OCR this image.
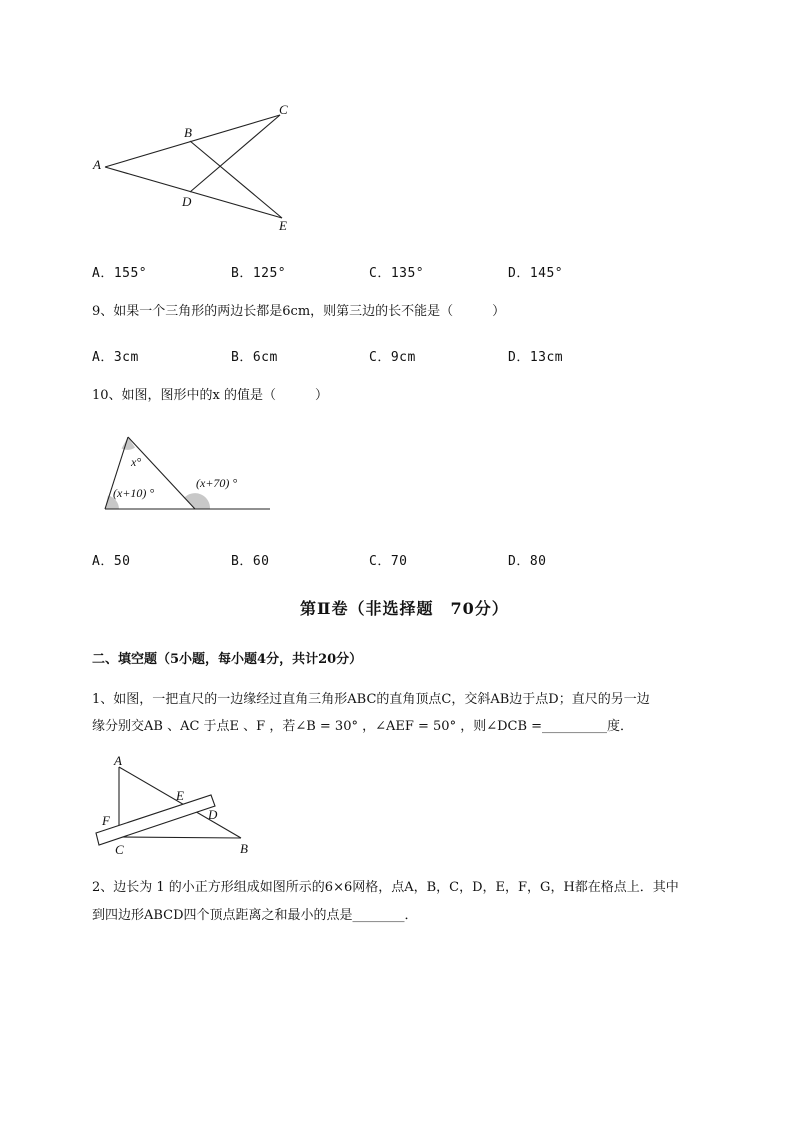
A
B
C
D
E
A．155°	B．125°	C．135°	D．145°
9、如果一个三角形的两边长都是6cm，则第三边的长不能是（　　　）
A．3cm	B．6cm	C．9cm	D．13cm
10、如图，图形中的x 的值是（　　　）
x°
(x+10) °
(x+70) °
A．50	B．60	C．70	D．80
第Ⅱ卷（非选择题　70分）
二、填空题（5小题，每小题4分，共计20分）
1、如图，一把直尺的一边缘经过直角三角形ABC的直角顶点C，交斜AB边于点D；直尺的另一边
缘分别交AB 、AC 于点E 、F ，若∠B = 30° ，∠AEF = 50° ，则∠DCB =__________度．
A
E
D
F
C	B
2、边长为 1 的小正方形组成如图所示的6×6网格，点A，B，C，D，E，F，G，H都在格点上．其中
到四边形ABCD四个顶点距离之和最小的点是________．
